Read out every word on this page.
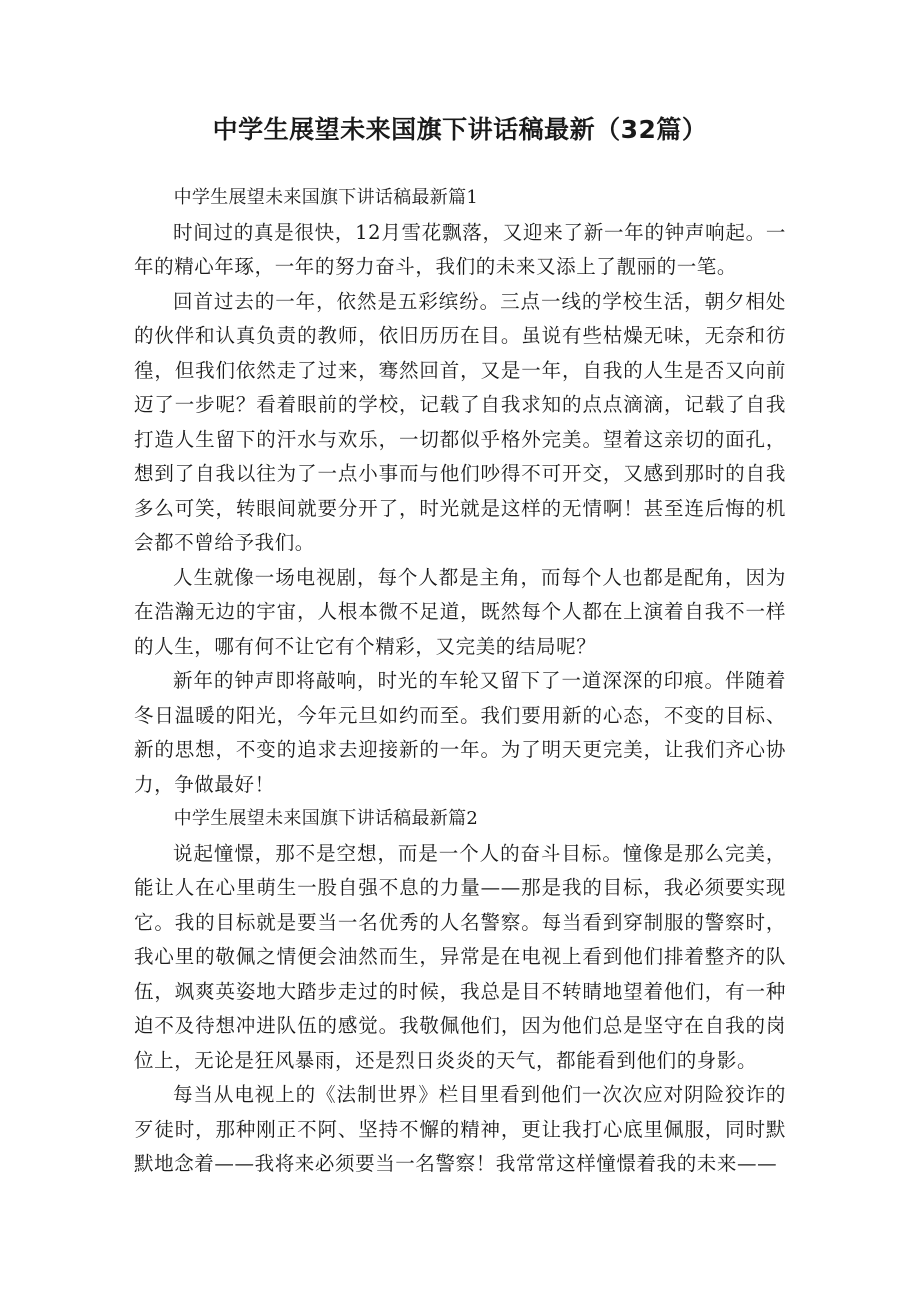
中学生展望未来国旗下讲话稿最新（32篇）

中学生展望未来国旗下讲话稿最新篇1

时间过的真是很快，12月雪花飘落，又迎来了新一年的钟声响起。一年的精心年琢，一年的努力奋斗，我们的未来又添上了靓丽的一笔。

回首过去的一年，依然是五彩缤纷。三点一线的学校生活，朝夕相处的伙伴和认真负责的教师，依旧历历在目。虽说有些枯燥无味，无奈和彷徨，但我们依然走了过来，骞然回首，又是一年，自我的人生是否又向前迈了一步呢？看着眼前的学校，记载了自我求知的点点滴滴，记载了自我打造人生留下的汗水与欢乐，一切都似乎格外完美。望着这亲切的面孔，想到了自我以往为了一点小事而与他们吵得不可开交，又感到那时的自我多么可笑，转眼间就要分开了，时光就是这样的无情啊！甚至连后悔的机会都不曾给予我们。

人生就像一场电视剧，每个人都是主角，而每个人也都是配角，因为在浩瀚无边的宇宙，人根本微不足道，既然每个人都在上演着自我不一样的人生，哪有何不让它有个精彩，又完美的结局呢？

新年的钟声即将敲响，时光的车轮又留下了一道深深的印痕。伴随着冬日温暖的阳光，今年元旦如约而至。我们要用新的心态，不变的目标、新的思想，不变的追求去迎接新的一年。为了明天更完美，让我们齐心协力，争做最好！

中学生展望未来国旗下讲话稿最新篇2

说起憧憬，那不是空想，而是一个人的奋斗目标。憧像是那么完美，能让人在心里萌生一股自强不息的力量——那是我的目标，我必须要实现它。我的目标就是要当一名优秀的人名警察。每当看到穿制服的警察时，我心里的敬佩之情便会油然而生，异常是在电视上看到他们排着整齐的队伍，飒爽英姿地大踏步走过的时候，我总是目不转睛地望着他们，有一种迫不及待想冲进队伍的感觉。我敬佩他们，因为他们总是坚守在自我的岗位上，无论是狂风暴雨，还是烈日炎炎的天气，都能看到他们的身影。

每当从电视上的《法制世界》栏目里看到他们一次次应对阴险狡诈的歹徒时，那种刚正不阿、坚持不懈的精神，更让我打心底里佩服，同时默默地念着——我将来必须要当一名警察！我常常这样憧憬着我的未来——
